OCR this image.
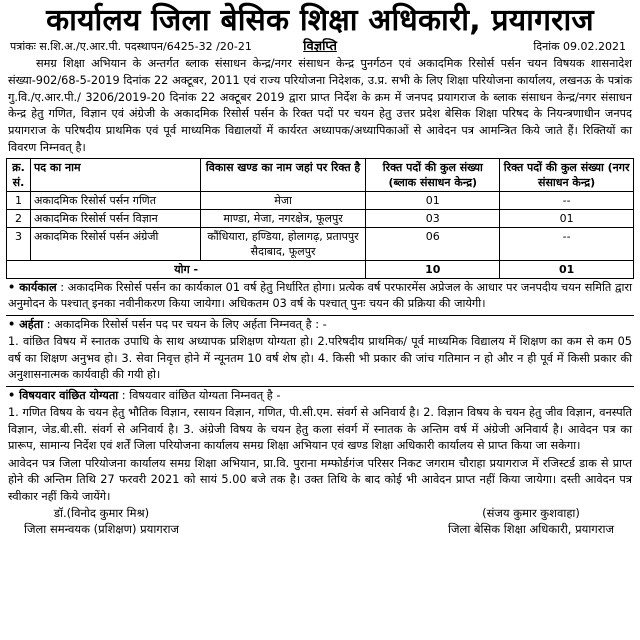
कार्यालय जिला बेसिक शिक्षा अधिकारी, प्रयागराज
पत्रांकः स.शि.अ./ए.आर.पी. पदस्थापन/6425-32 /20-21	विज्ञप्ति	दिनांक 09.02.2021
समग्र शिक्षा अभियान के अन्तर्गत ब्लाक संसाधन केन्द्र/नगर संसाधन केन्द्र पुनर्गठन एवं अकादमिक रिसोर्स पर्सन चयन विषयक शासनादेश संख्या-902/68-5-2019 दिनांक 22 अक्टूबर, 2011 एवं राज्य परियोजना निदेशक, उ.प्र. सभी के लिए शिक्षा परियोजना कार्यालय, लखनऊ के पत्रांक गु.वि./ए.आर.पी./ 3206/2019-20 दिनांक 22 अक्टूबर 2019 द्वारा प्राप्त निर्देश के क्रम में जनपद प्रयागराज के ब्लाक संसाधन केन्द्र/नगर संसाधन केन्द्र हेतु गणित, विज्ञान एवं अंग्रेजी के अकादमिक रिसोर्स पर्सन के रिक्त पदों पर चयन हेतु उत्तर प्रदेश बेसिक शिक्षा परिषद के नियन्त्रणाधीन जनपद प्रयागराज के परिषदीय प्राथमिक एवं पूर्व माध्यमिक विद्यालयों में कार्यरत अध्यापक/अध्यापिकाओं से आवेदन पत्र आमन्त्रित किये जाते हैं। रिक्तियों का विवरण निम्नवत् है।
क्र. सं.	पद का नाम	विकास खण्ड का नाम जहां पर रिक्त है	रिक्त पदों की कुल संख्या (ब्लाक संसाधन केन्द्र)	रिक्त पदों की कुल संख्या (नगर संसाधन केन्द्र)
1	अकादमिक रिसोर्स पर्सन गणित	मेजा	01	--
2	अकादमिक रिसोर्स पर्सन विज्ञान	माण्डा, मेजा, नगरक्षेत्र, फूलपुर	03	01
3	अकादमिक रिसोर्स पर्सन अंग्रेजी	कौंधियारा, हण्डिया, होलागढ़, प्रतापपुर सैदाबाद, फूलपुर	06	--
योग -			10	01
• कार्यकाल : अकादमिक रिसोर्स पर्सन का कार्यकाल 01 वर्ष हेतु निर्धारित होगा। प्रत्येक वर्ष परफारमेंस अप्रेजल के आधार पर जनपदीय चयन समिति द्वारा अनुमोदन के पश्चात् इनका नवीनीकरण किया जायेगा। अधिकतम 03 वर्ष के पश्चात् पुनः चयन की प्रक्रिया की जायेगी।
• अर्हता : अकादमिक रिसोर्स पर्सन पद पर चयन के लिए अर्हता निम्नवत् है : -
1. वांछित विषय में स्नातक उपाधि के साथ अध्यापक प्रशिक्षण योग्यता हो। 2.परिषदीय प्राथमिक/ पूर्व माध्यमिक विद्यालय में शिक्षण का कम से कम 05 वर्ष का शिक्षण अनुभव हो। 3. सेवा निवृत्त होने में न्यूनतम 10 वर्ष शेष हो। 4. किसी भी प्रकार की जांच गतिमान न हो और न ही पूर्व में किसी प्रकार की अनुशासनात्मक कार्यवाही की गयी हो।
• विषयवार वांछित योग्यता : विषयवार वांछित योग्यता निम्नवत् है -
1. गणित विषय के चयन हेतु भौतिक विज्ञान, रसायन विज्ञान, गणित, पी.सी.एम. संवर्ग से अनिवार्य है। 2. विज्ञान विषय के चयन हेतु जीव विज्ञान, वनस्पति विज्ञान, जेड.बी.सी. संवर्ग से अनिवार्य है। 3. अंग्रेजी विषय के चयन हेतु कला संवर्ग में स्नातक के अन्तिम वर्ष में अंग्रेजी अनिवार्य है। आवेदन पत्र का प्रारूप, सामान्य निर्देश एवं शर्तें जिला परियोजना कार्यालय समग्र शिक्षा अभियान एवं खण्ड शिक्षा अधिकारी कार्यालय से प्राप्त किया जा सकेगा।
आवेदन पत्र जिला परियोजना कार्यालय समग्र शिक्षा अभियान, प्रा.वि. पुराना मम्फोर्डगंज परिसर निकट जगराम चौराहा प्रयागराज में रजिस्टर्ड डाक से प्राप्त होने की अन्तिम तिथि 27 फरवरी 2021 को सायं 5.00 बजे तक है। उक्त तिथि के बाद कोई भी आवेदन प्राप्त नहीं किया जायेगा। दस्ती आवेदन पत्र स्वीकार नहीं किये जायेंगे।
डॉ.(विनोद कुमार मिश्र)
जिला समन्वयक (प्रशिक्षण) प्रयागराज
(संजय कुमार कुशवाहा)
जिला बेसिक शिक्षा अधिकारी, प्रयागराज
